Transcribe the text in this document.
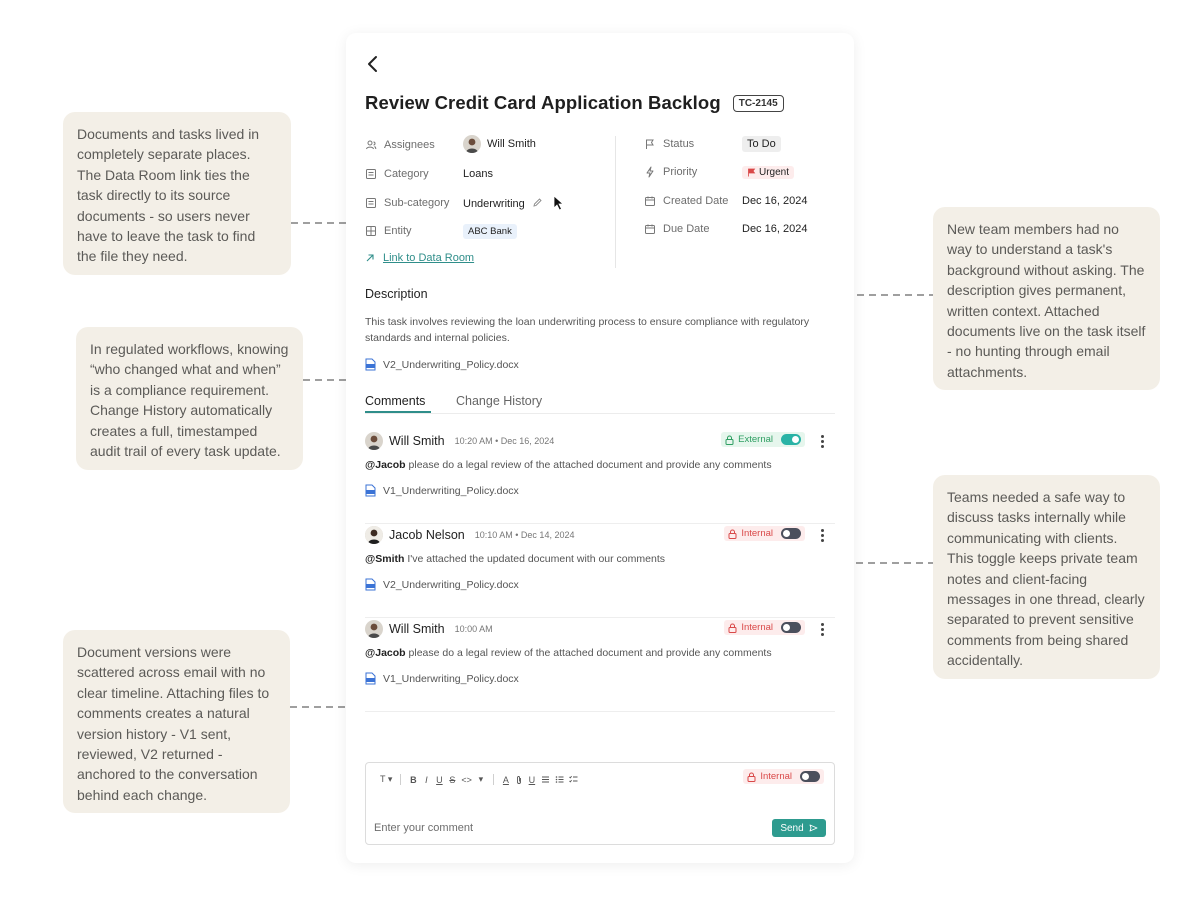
Documents and tasks lived in completely separate places. The Data Room link ties the task directly to its source documents - so users never have to leave the task to find the file they need.
In regulated workflows, knowing “who changed what and when” is a compliance requirement. Change History automatically creates a full, timestamped audit trail of every task update.
Document versions were scattered across email with no clear timeline. Attaching files to comments creates a natural version history - V1 sent, reviewed, V2 returned - anchored to the conversation behind each change.
New team members had no way to understand a task's background without asking. The description gives permanent, written context. Attached documents live on the task itself - no hunting through email attachments.
Teams needed a safe way to discuss tasks internally while communicating with clients. This toggle keeps private team notes and client-facing messages in one thread, clearly separated to prevent sensitive comments from being shared accidentally.
Review Credit Card Application Backlog	TC-2145
Assignees	Will Smith
Category	Loans
Sub-category Underwriting
Entity	ABC Bank
Link to Data Room
Status	To Do
Priority	Urgent
Created Date Dec 16, 2024
Due Date	Dec 16, 2024
Description
This task involves reviewing the loan underwriting process to ensure compliance with regulatory standards and internal policies.
V2_Underwriting_Policy.docx
Comments Change History
Will Smith 10:20 AM • Dec 16, 2024	External
@Jacob please do a legal review of the attached document and provide any comments
V1_Underwriting_Policy.docx
Jacob Nelson 10:10 AM • Dec 14, 2024	Internal
@Smith I've attached the updated document with our comments
V2_Underwriting_Policy.docx
Will Smith 10:00 AM	Internal
@Jacob please do a legal review of the attached document and provide any comments
V1_Underwriting_Policy.docx
T ▾ B I U S <> ▾ A U	Internal
Enter your comment
Send
